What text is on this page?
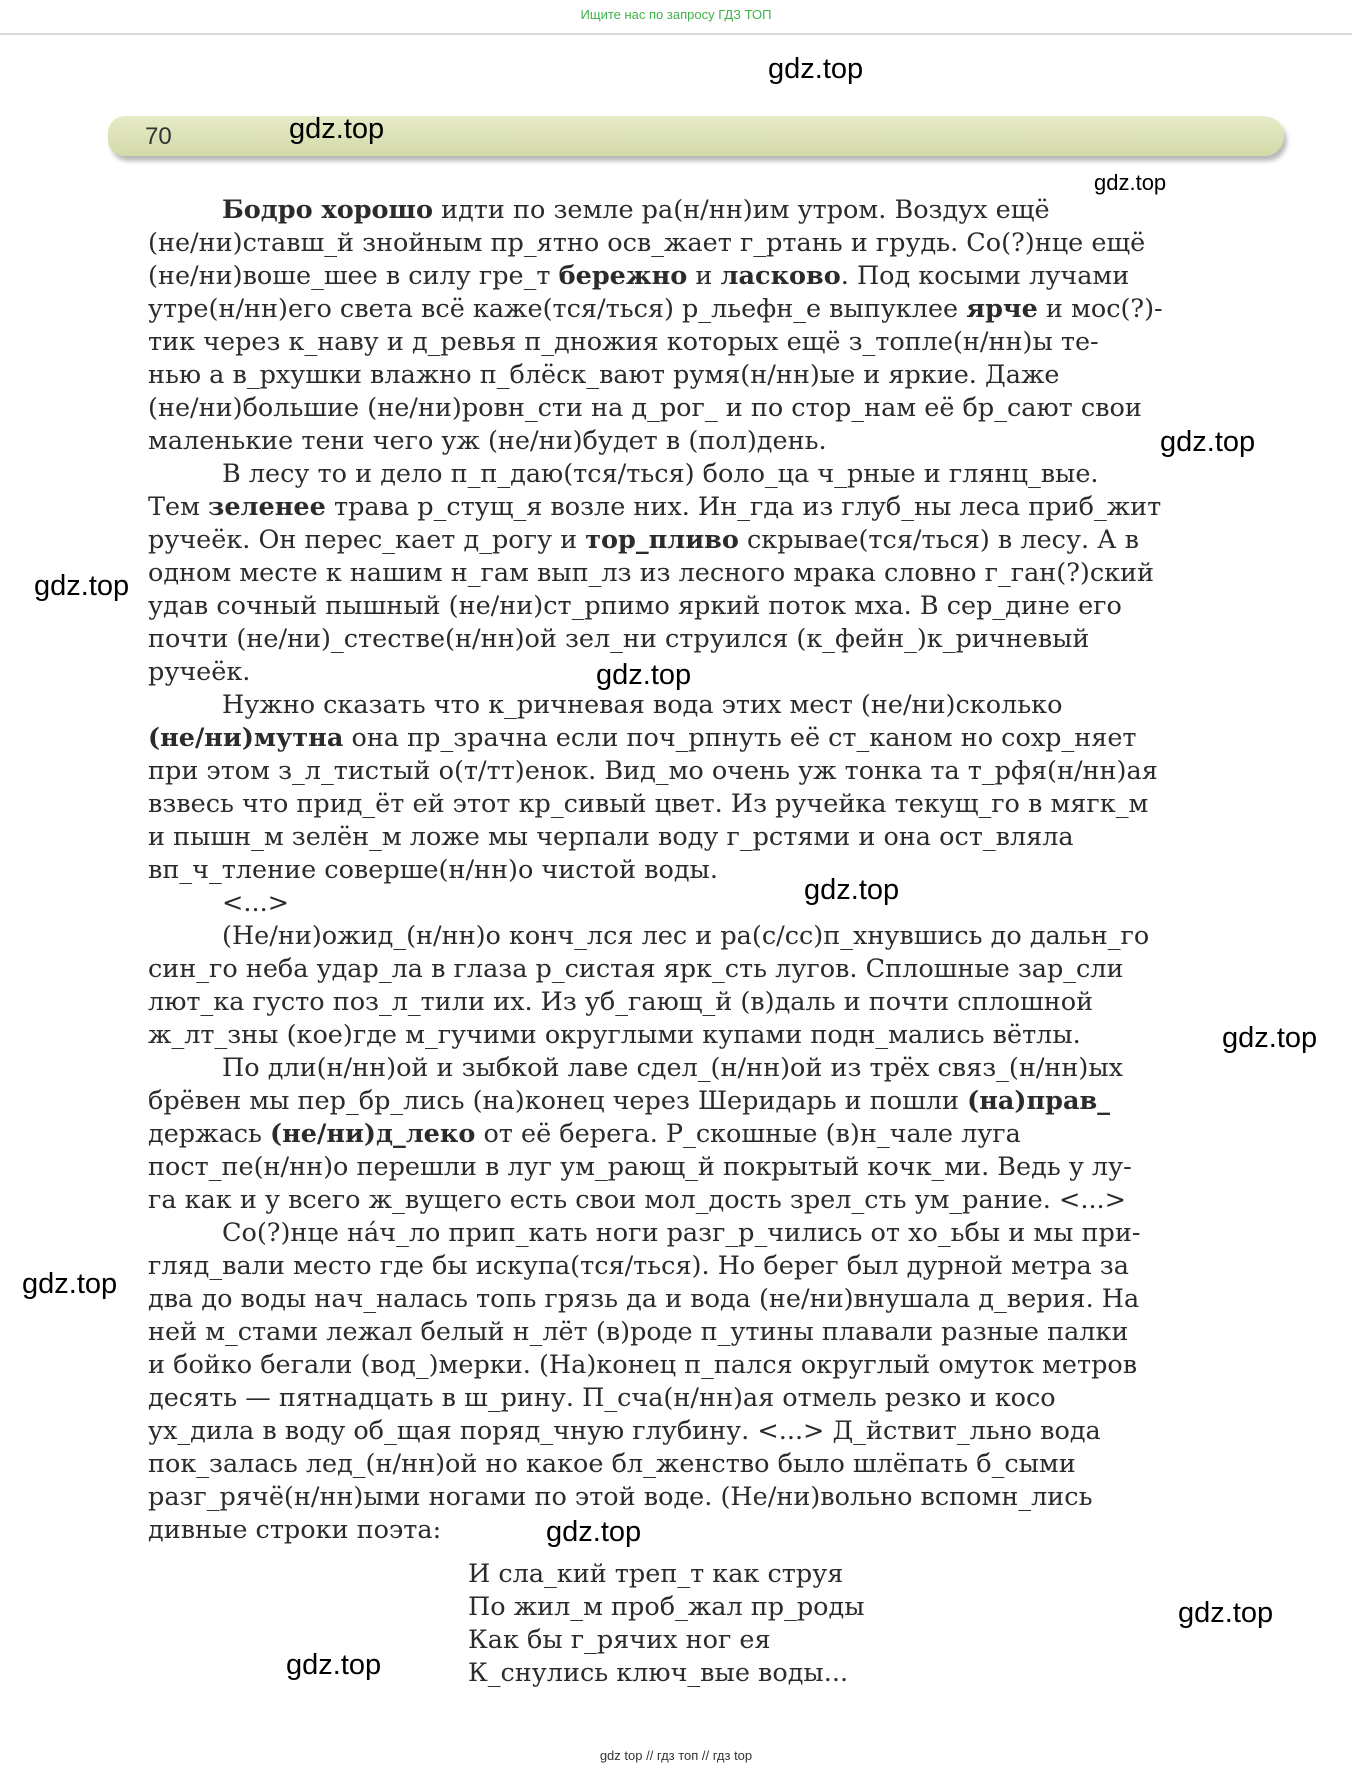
Ищите нас по запросу ГДЗ ТОП
70

Бодро хорошо идти по земле ра(н/нн)им утром. Воздух ещё
(не/ни)ставш_й знойным пр_ятно осв_жает г_ртань и грудь. Со(?)нце ещё
(не/ни)воше_шее в силу гре_т бережно и ласково. Под косыми лучами
утре(н/нн)его света всё каже(тся/ться) р_льефн_е выпуклее ярче и мос(?)-
тик через к_наву и д_ревья п_дножия которых ещё з_топле(н/нн)ы те-
нью а в_рхушки влажно п_блёск_вают румя(н/нн)ые и яркие. Даже
(не/ни)большие (не/ни)ровн_сти на д_рог_ и по стор_нам её бр_сают свои
маленькие тени чего уж (не/ни)будет в (пол)день.

В лесу то и дело п_п_даю(тся/ться) боло_ца ч_рные и глянц_вые.
Тем зеленее трава р_стущ_я возле них. Ин_гда из глуб_ны леса приб_жит
ручеёк. Он перес_кает д_рогу и тор_пливо скрывае(тся/ться) в лесу. А в
одном месте к нашим н_гам вып_лз из лесного мрака словно г_ган(?)ский
удав сочный пышный (не/ни)ст_рпимо яркий поток мха. В сер_дине его
почти (не/ни)_стестве(н/нн)ой зел_ни струился (к_фейн_)к_ричневый
ручеёк.

Нужно сказать что к_ричневая вода этих мест (не/ни)сколько
(не/ни)мутна она пр_зрачна если поч_рпнуть её ст_каном но сохр_няет
при этом з_л_тистый о(т/тт)енок. Вид_мо очень уж тонка та т_рфя(н/нн)ая
взвесь что прид_ёт ей этот кр_сивый цвет. Из ручейка текущ_го в мягк_м
и пышн_м зелён_м ложе мы черпали воду г_рстями и она ост_вляла
вп_ч_тление соверше(н/нн)о чистой воды.

<...>

(Не/ни)ожид_(н/нн)о конч_лся лес и ра(с/сс)п_хнувшись до дальн_го
син_го неба удар_ла в глаза р_систая ярк_сть лугов. Сплошные зар_сли
лют_ка густо поз_л_тили их. Из уб_гающ_й (в)даль и почти сплошной
ж_лт_зны (кое)где м_гучими округлыми купами подн_мались вётлы.

По дли(н/нн)ой и зыбкой лаве сдел_(н/нн)ой из трёх связ_(н/нн)ых
брёвен мы пер_бр_лись (на)конец через Шеридарь и пошли (на)прав_
держась (не/ни)д_леко от её берега. Р_скошные (в)н_чале луга
пост_пе(н/нн)о перешли в луг ум_рающ_й покрытый кочк_ми. Ведь у лу-
га как и у всего ж_вущего есть свои мол_дость зрел_сть ум_рание. <...>

Со(?)нце на́ч_ло прип_кать ноги разг_р_чились от хо_ьбы и мы при-
гляд_вали место где бы искупа(тся/ться). Но берег был дурной метра за
два до воды нач_налась топь грязь да и вода (не/ни)внушала д_верия. На
ней м_стами лежал белый н_лёт (в)роде п_утины плавали разные палки
и бойко бегали (вод_)мерки. (На)конец п_пался округлый омуток метров
десять — пятнадцать в ш_рину. П_сча(н/нн)ая отмель резко и косо
ух_дила в воду об_щая поряд_чную глубину. <...> Д_йствит_льно вода
пок_залась лед_(н/нн)ой но какое бл_женство было шлёпать б_сыми
разг_рячё(н/нн)ыми ногами по этой воде. (Не/ни)вольно вспомн_лись
дивные строки поэта:

И сла_кий треп_т как струя
По жил_м проб_жал пр_роды
Как бы г_рячих ног ея
К_снулись ключ_вые воды...
gdz.top
gdz.top
gdz.top
gdz.top
gdz.top
gdz.top
gdz.top
gdz.top
gdz.top
gdz.top
gdz.top
gdz.top
gdz top // гдз топ // гдз top
